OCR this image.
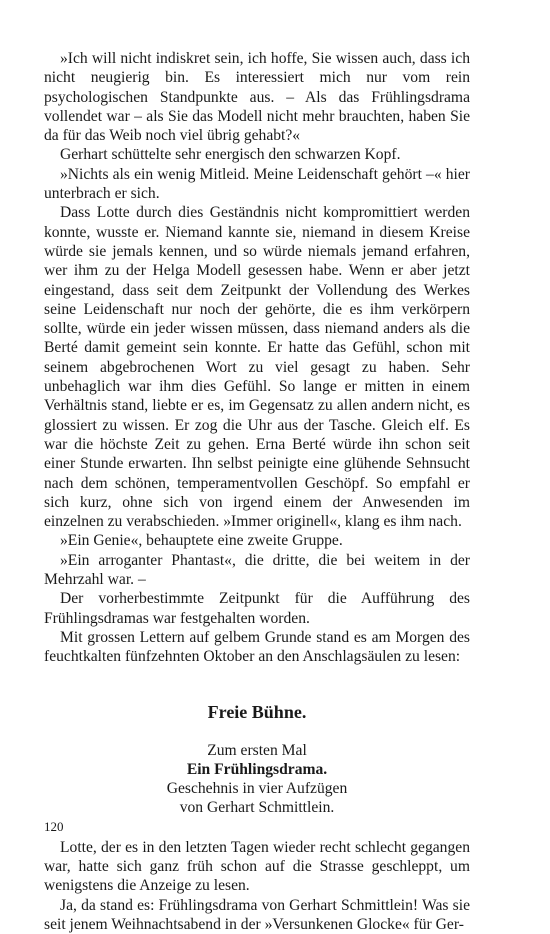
»Ich will nicht indiskret sein, ich hoffe, Sie wissen auch, dass ich nicht neugierig bin. Es interessiert mich nur vom rein psychologischen Standpunkte aus. – Als das Frühlingsdrama vollendet war – als Sie das Modell nicht mehr brauchten, haben Sie da für das Weib noch viel übrig gehabt?«

Gerhart schüttelte sehr energisch den schwarzen Kopf.

»Nichts als ein wenig Mitleid. Meine Leidenschaft gehört –« hier unterbrach er sich.

Dass Lotte durch dies Geständnis nicht kompromittiert werden konnte, wusste er. Niemand kannte sie, niemand in diesem Kreise würde sie jemals kennen, und so würde niemals jemand erfahren, wer ihm zu der Helga Modell gesessen habe. Wenn er aber jetzt eingestand, dass seit dem Zeitpunkt der Vollendung des Werkes seine Leidenschaft nur noch der gehörte, die es ihm verkörpern sollte, würde ein jeder wissen müssen, dass niemand anders als die Berté damit gemeint sein konnte. Er hatte das Gefühl, schon mit seinem abgebrochenen Wort zu viel gesagt zu haben. Sehr unbehaglich war ihm dies Gefühl. So lange er mitten in einem Verhältnis stand, liebte er es, im Gegensatz zu allen andern nicht, es glossiert zu wissen. Er zog die Uhr aus der Tasche. Gleich elf. Es war die höchste Zeit zu gehen. Erna Berté würde ihn schon seit einer Stunde erwarten. Ihn selbst peinigte eine glühende Sehnsucht nach dem schönen, temperamentvollen Geschöpf. So empfahl er sich kurz, ohne sich von irgend einem der Anwesenden im einzelnen zu verabschieden. »Immer originell«, klang es ihm nach.

»Ein Genie«, behauptete eine zweite Gruppe.

»Ein arroganter Phantast«, die dritte, die bei weitem in der Mehrzahl war. –

Der vorherbestimmte Zeitpunkt für die Aufführung des Frühlingsdramas war festgehalten worden.

Mit grossen Lettern auf gelbem Grunde stand es am Morgen des feuchtkalten fünfzehnten Oktober an den Anschlagsäulen zu lesen:

Freie Bühne.

Zum ersten Mal

Ein Frühlingsdrama.

Geschehnis in vier Aufzügen

von Gerhart Schmittlein.

Lotte, der es in den letzten Tagen wieder recht schlecht gegangen war, hatte sich ganz früh schon auf die Strasse geschleppt, um wenigstens die Anzeige zu lesen.

Ja, da stand es: Frühlingsdrama von Gerhart Schmittlein! Was sie seit jenem Weihnachtsabend in der »Versunkenen Glocke« für Ger-

120
